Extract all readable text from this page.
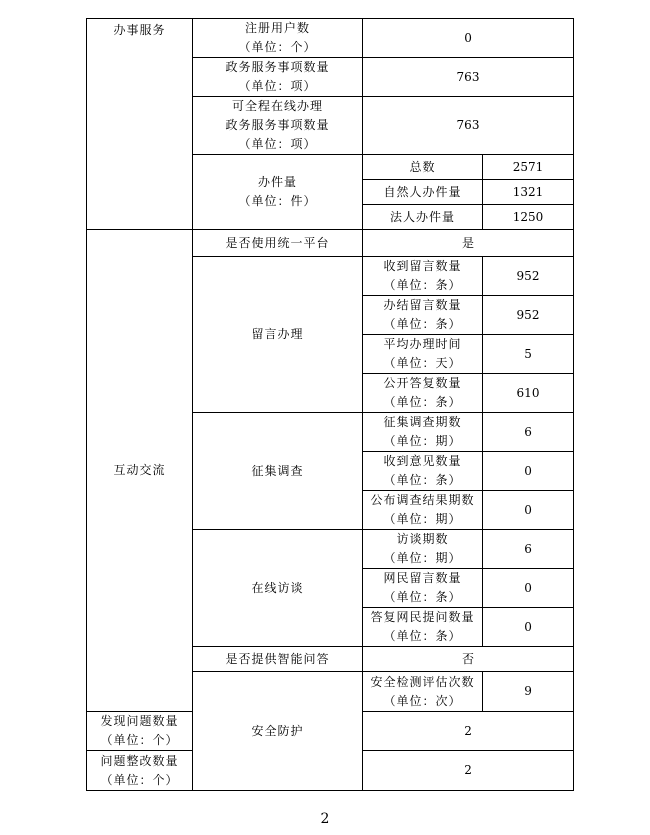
办事服务	注册用户数
（单位：个）	0	

	政务服务事项数量
（单位：项）	763	

	可全程在线办理
政务服务事项数量
（单位：项）	763	

	办件量
（单位：件）	总数	2571

		自然人办件量	1321

		法人办件量	1250

互动交流	是否使用统一平台	是	

	留言办理	收到留言数量
（单位：条）	952

		办结留言数量
（单位：条）	952

		平均办理时间
（单位：天）	5

		公开答复数量
（单位：条）	610

	征集调查	征集调查期数
（单位：期）	6

		收到意见数量
（单位：条）	0

		公布调查结果期数
（单位：期）	0

	在线访谈	访谈期数
（单位：期）	6

		网民留言数量
（单位：条）	0

		答复网民提问数量
（单位：条）	0

	是否提供智能问答	否	

	安全防护	安全检测评估次数
（单位：次）	9

发现问题数量
（单位：个）		2	

问题整改数量
（单位：个）		2	
2
